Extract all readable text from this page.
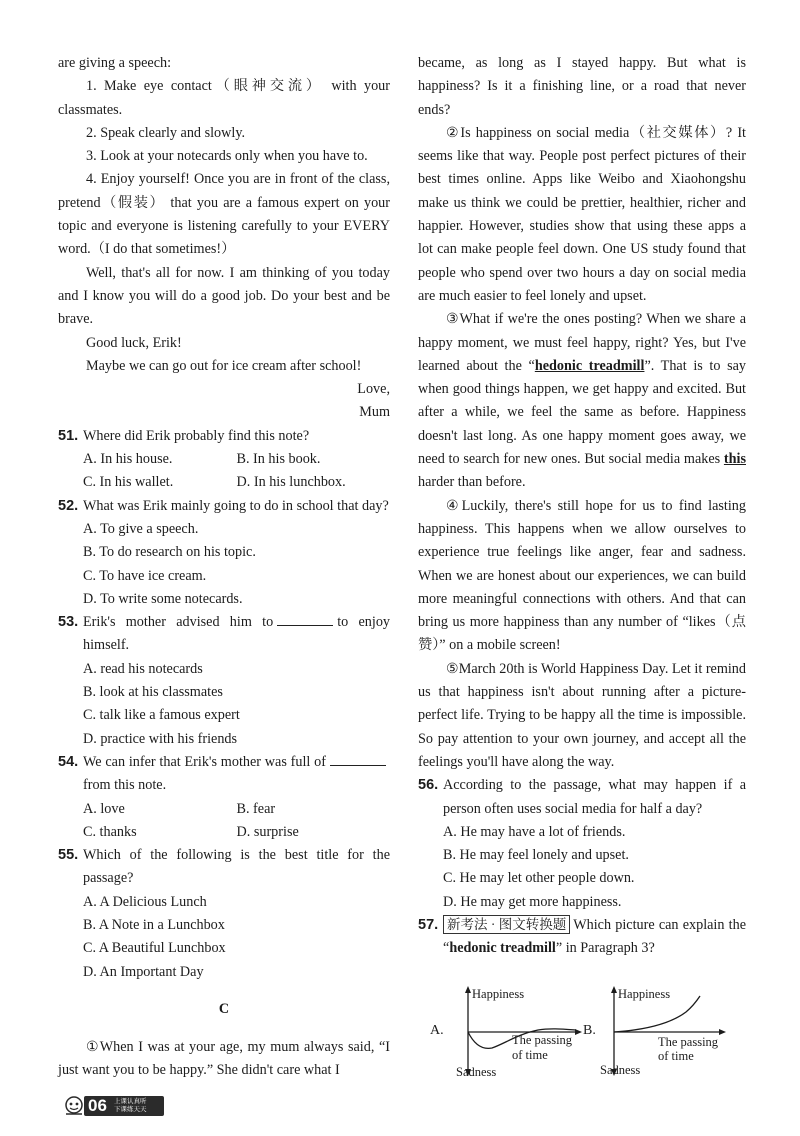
are giving a speech:

1. Make eye contact（眼神交流） with your classmates.

2. Speak clearly and slowly.

3. Look at your notecards only when you have to.

4. Enjoy yourself! Once you are in front of the class, pretend（假装） that you are a famous expert on your topic and everyone is listening carefully to your EVERY word.（I do that sometimes!）

Well, that's all for now. I am thinking of you today and I know you will do a good job. Do your best and be brave.

Good luck, Erik!

Maybe we can go out for ice cream after school!

Love,

Mum

51. Where did Erik probably find this note?

A. In his house.	B. In his book.
C. In his wallet.	D. In his lunchbox.

52. What was Erik mainly going to do in school that day?

A. To give a speech.

B. To do research on his topic.

C. To have ice cream.

D. To write some notecards.

53. Erik's mother advised him to	to enjoy himself.

A. read his notecards

B. look at his classmates

C. talk like a famous expert

D. practice with his friends

54. We can infer that Erik's mother was full offrom this note.

A. love	B. fear
C. thanks	D. surprise

55. Which of the following is the best title for the passage?

A. A Delicious Lunch

B. A Note in a Lunchbox

C. A Beautiful Lunchbox

D. An Important Day

C

①When I was at your age, my mum always said, “I just want you to be happy.” She didn't care what I

became, as long as I stayed happy. But what is happiness? Is it a finishing line, or a road that never ends?

②Is happiness on social media（社交媒体）? It seems like that way. People post perfect pictures of their best times online. Apps like Weibo and Xiaohongshu make us think we could be prettier, healthier, richer and happier. However, studies show that using these apps a lot can make people feel down. One US study found that people who spend over two hours a day on social media are much easier to feel lonely and upset.

③What if we're the ones posting? When we share a happy moment, we must feel happy, right? Yes, but I've learned about the “hedonic treadmill”. That is to say when good things happen, we get happy and excited. But after a while, we feel the same as before. Happiness doesn't last long. As one happy moment goes away, we need to search for new ones. But social media makes this harder than before.

④Luckily, there's still hope for us to find lasting happiness. This happens when we allow ourselves to experience true feelings like anger, fear and sadness. When we are honest about our experiences, we can build more meaningful connections with others. And that can bring us more happiness than any number of “likes（点赞）” on a mobile screen!

⑤March 20th is World Happiness Day. Let it remind us that happiness isn't about running after a picture-perfect life. Trying to be happy all the time is impossible. So pay attention to your own journey, and accept all the feelings you'll have along the way.

56. According to the passage, what may happen if a person often uses social media for half a day?

A. He may have a lot of friends.

B. He may feel lonely and upset.

C. He may let other people down.

D. He may get more happiness.

57. 新考法 · 图文转换题 Which picture can explain the “hedonic treadmill” in Paragraph 3?

A.
Happiness
The passing
of time
Sadness
B.
Happiness
The passing
of time
Sadness
06 上课认真听
下课练天天
